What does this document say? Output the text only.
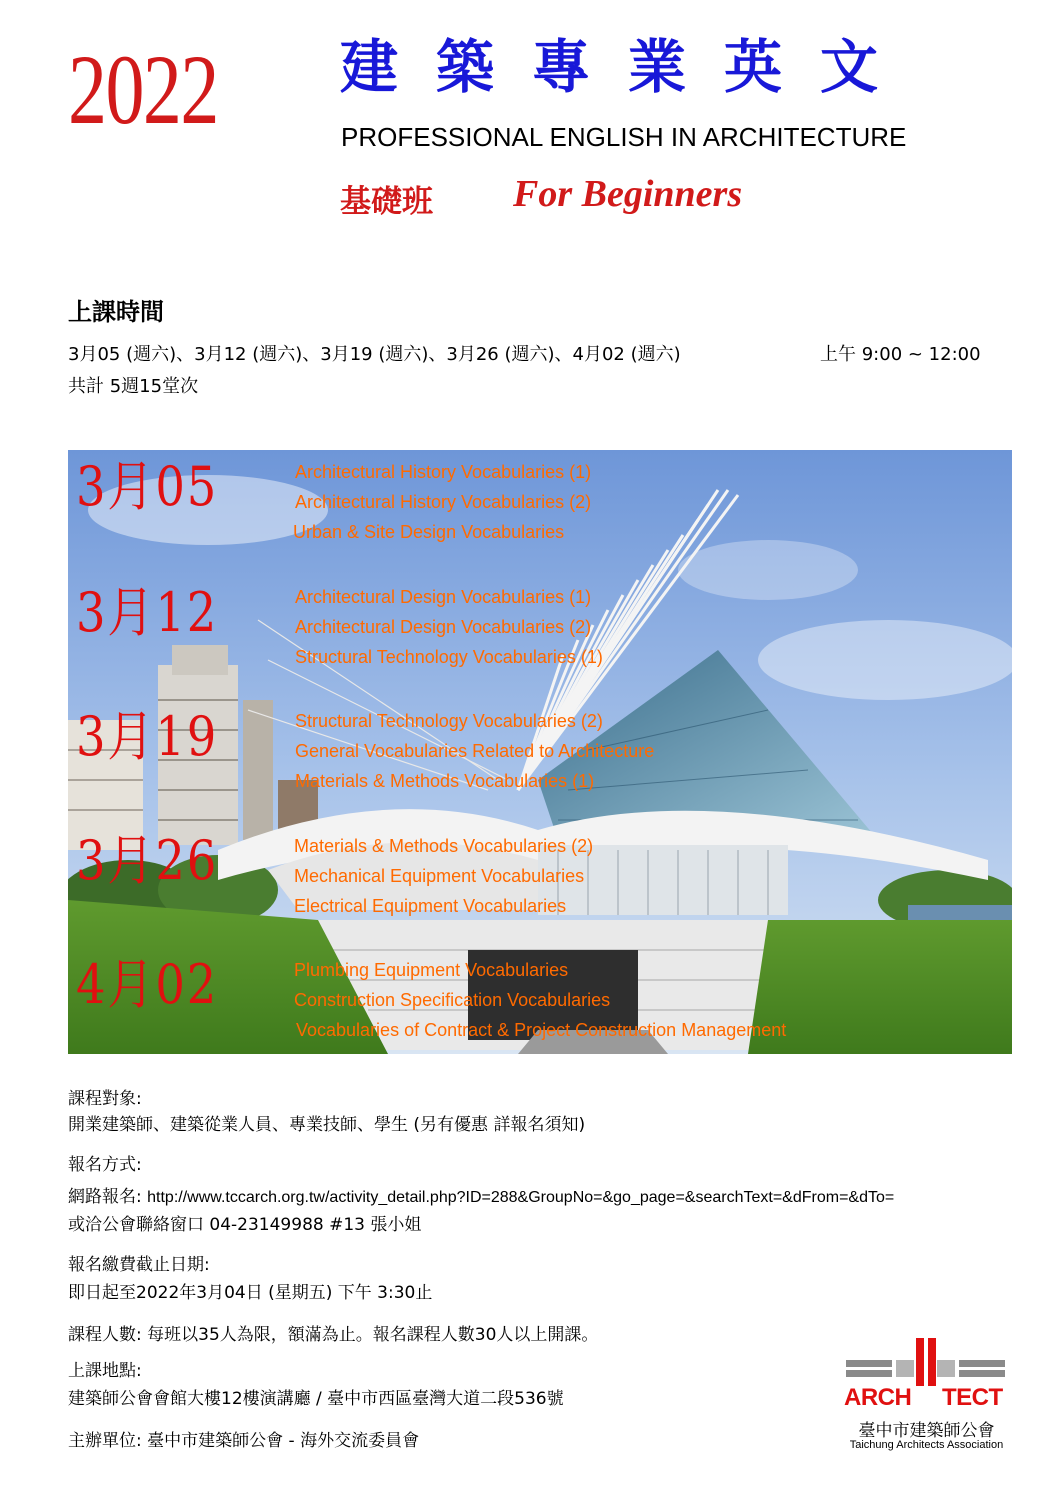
2022 建築專業英文
PROFESSIONAL ENGLISH IN ARCHITECTURE
基礎班 For Beginners
上課時間
3月05 (週六)、3月12 (週六)、3月19 (週六)、3月26 (週六)、4月02 (週六)	上午 9:00 ~ 12:00
共計 5週15堂次
3月05	Architectural History Vocabularies (1)
Architectural History Vocabularies (2)
Urban & Site Design Vocabularies
3月12	Architectural Design Vocabularies (1)
Architectural Design Vocabularies (2)
Structural Technology Vocabularies (1)
3月19	Structural Technology Vocabularies (2)
General Vocabularies Related to Architecture
Materials & Methods Vocabularies (1)
3月26	Materials & Methods Vocabularies (2)
Mechanical Equipment Vocabularies
Electrical Equipment Vocabularies
4月02	Plumbing Equipment Vocabularies
Construction Specification Vocabularies
Vocabularies of Contract & Project Construction Management
課程對象:
開業建築師、建築從業人員、專業技師、學生 (另有優惠 詳報名須知)
報名方式:
網路報名: http://www.tccarch.org.tw/activity_detail.php?ID=288&GroupNo=&go_page=&searchText=&dFrom=&dTo=
或洽公會聯絡窗口 04-23149988 #13 張小姐
報名繳費截止日期:
即日起至2022年3月04日 (星期五) 下午 3:30止
課程人數: 每班以35人為限，額滿為止。報名課程人數30人以上開課。
上課地點:
建築師公會會館大樓12樓演講廳 / 臺中市西區臺灣大道二段536號
主辦單位: 臺中市建築師公會 - 海外交流委員會
ARCH TECT
臺中市建築師公會
Taichung Architects Association
